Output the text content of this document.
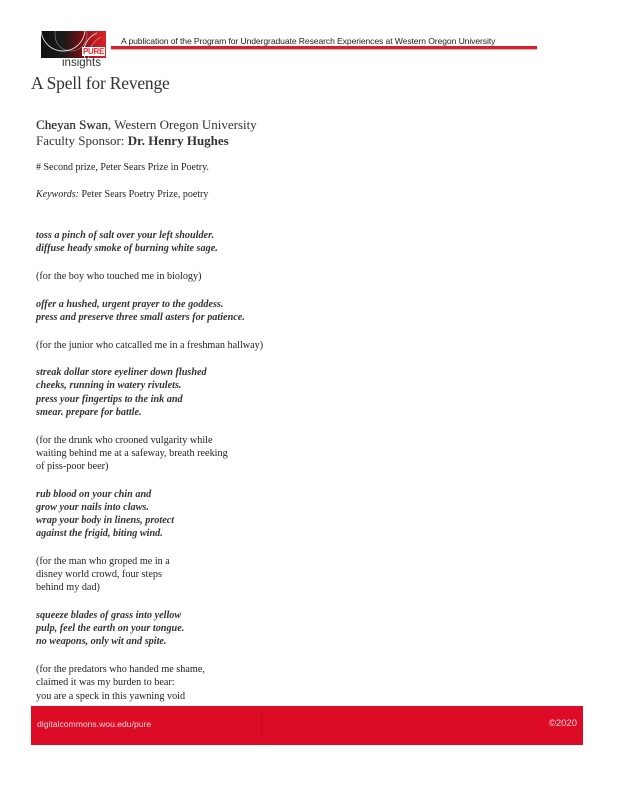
PURE
insights
A publication of the Program for Undergraduate Research Experiences at Western Oregon University
A Spell for Revenge
Cheyan Swan, Western Oregon University
Faculty Sponsor: Dr. Henry Hughes
# Second prize, Peter Sears Prize in Poetry.
Keywords: Peter Sears Poetry Prize, poetry

toss a pinch of salt over your left shoulder.
diffuse heady smoke of burning white sage.

(for the boy who touched me in biology)

offer a hushed, urgent prayer to the goddess.
press and preserve three small asters for patience.

(for the junior who catcalled me in a freshman hallway)

streak dollar store eyeliner down flushed
cheeks, running in watery rivulets.
press your fingertips to the ink and
smear. prepare for battle.

(for the drunk who crooned vulgarity while
waiting behind me at a safeway, breath reeking
of piss-poor beer)

rub blood on your chin and
grow your nails into claws.
wrap your body in linens, protect
against the frigid, biting wind.

(for the man who groped me in a
disney world crowd, four steps
behind my dad)

squeeze blades of grass into yellow
pulp, feel the earth on your tongue.
no weapons, only wit and spite.

(for the predators who handed me shame,
claimed it was my burden to bear:
you are a speck in this yawning void

digitalcommons.wou.edu/pure	©2020
